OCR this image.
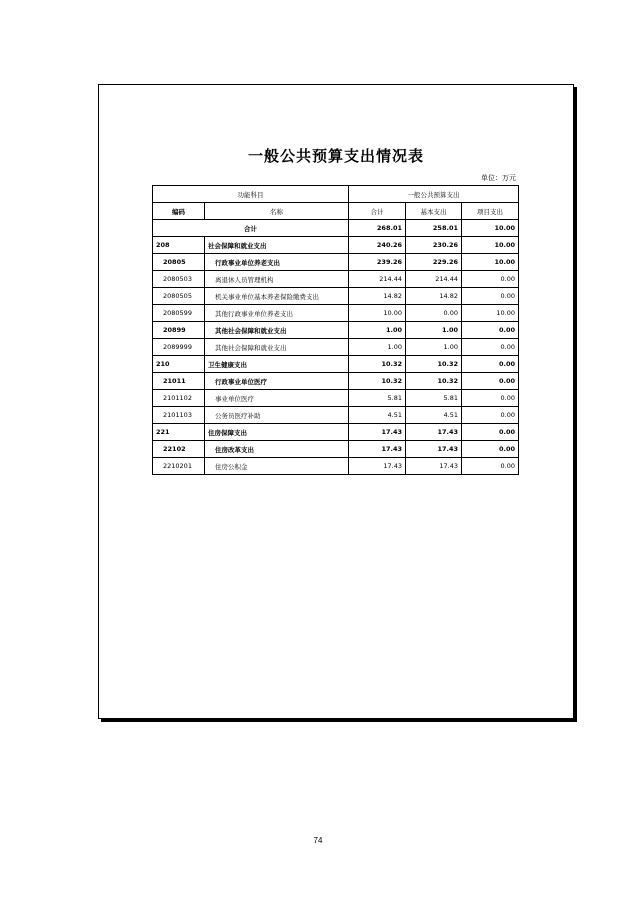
一般公共预算支出情况表
单位：万元
功能科目		一般公共预算支出		
编码	名称	合计	基本支出	项目支出
合计		268.01	258.01	10.00
208	社会保障和就业支出	240.26	230.26	10.00
20805	行政事业单位养老支出	239.26	229.26	10.00
2080503	离退休人员管理机构	214.44	214.44	0.00
2080505	机关事业单位基本养老保险缴费支出	14.82	14.82	0.00
2080599	其他行政事业单位养老支出	10.00	0.00	10.00
20899	其他社会保障和就业支出	1.00	1.00	0.00
2089999	其他社会保障和就业支出	1.00	1.00	0.00
210	卫生健康支出	10.32	10.32	0.00
21011	行政事业单位医疗	10.32	10.32	0.00
2101102	事业单位医疗	5.81	5.81	0.00
2101103	公务员医疗补助	4.51	4.51	0.00
221	住房保障支出	17.43	17.43	0.00
22102	住房改革支出	17.43	17.43	0.00
2210201	住房公积金	17.43	17.43	0.00
74
